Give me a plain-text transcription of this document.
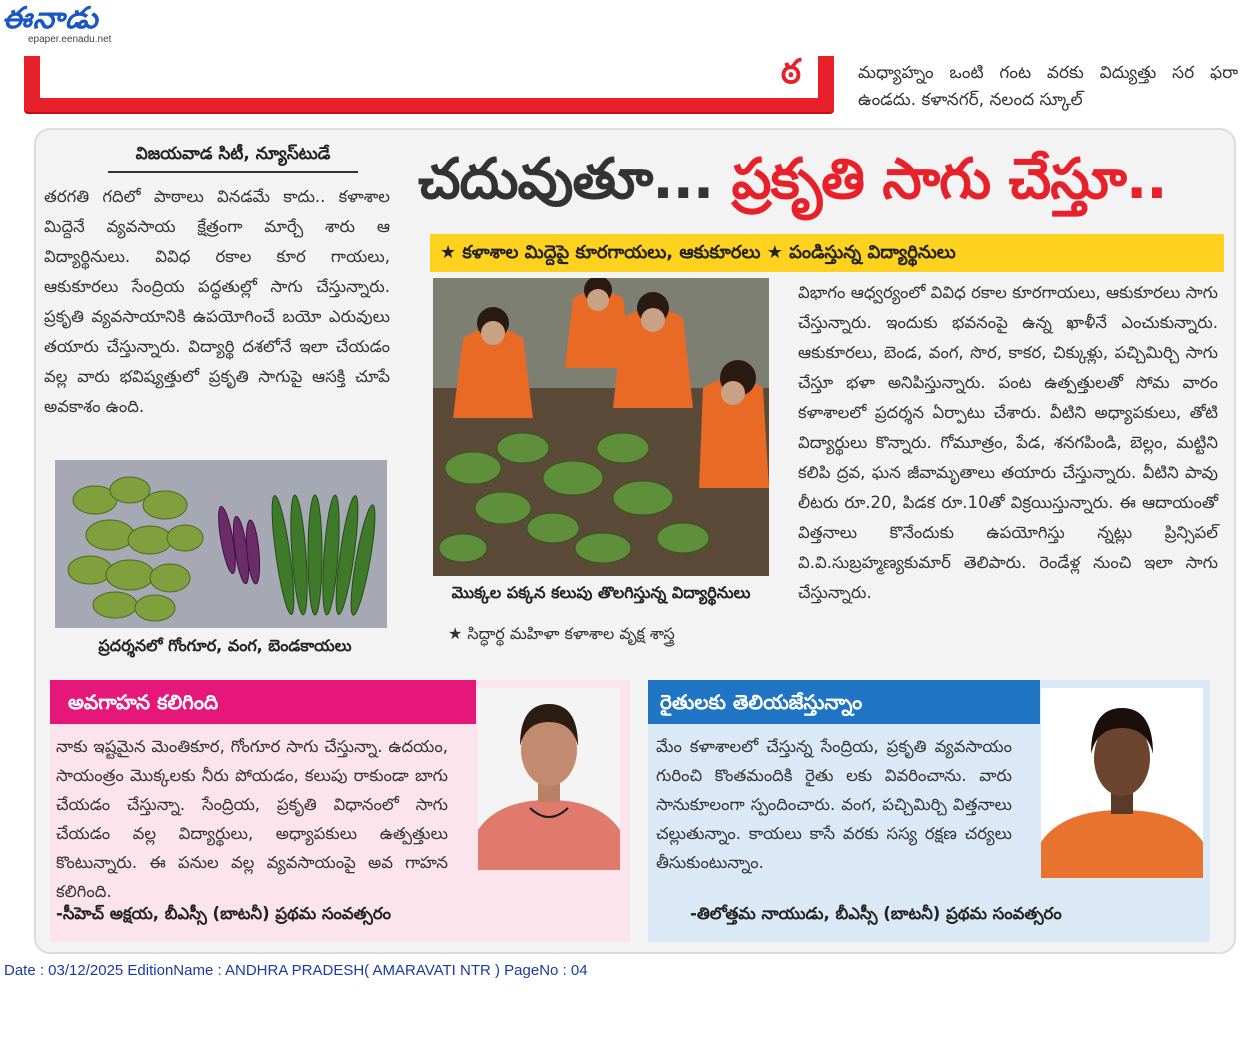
ఈనాడు
epaper.eenadu.net
ఠ	మధ్యాహ్నం ఒంటి గంట వరకు విద్యుత్తు సర ఫరా ఉండదు. కళానగర్, నలంద స్కూల్
విజయవాడ సిటీ, న్యూస్‌టుడే	చదువుతూ... ప్రకృతి సాగు చేస్తూ..
★ కళాశాల మిద్దెపై కూరగాయలు, ఆకుకూరలు ★ పండిస్తున్న విద్యార్థినులు
తరగతి గదిలో పాఠాలు వినడమే కాదు.. కళాశాల మిద్దెనే వ్యవసాయ క్షేత్రంగా మార్చే శారు ఆ విద్యార్థినులు. వివిధ రకాల కూర గాయలు, ఆకుకూరలు సేంద్రియ పద్ధతుల్లో సాగు చేస్తున్నారు. ప్రకృతి వ్యవసాయానికి ఉపయోగించే బయో ఎరువులు తయారు చేస్తున్నారు. విద్యార్థి దశలోనే ఇలా చేయడం వల్ల వారు భవిష్యత్తులో ప్రకృతి సాగుపై ఆసక్తి చూపే అవకాశం ఉంది.
ప్రదర్శనలో గోంగూర, వంగ, బెండకాయలు
మొక్కల పక్కన కలుపు తొలగిస్తున్న విద్యార్థినులు
★ సిద్ధార్థ మహిళా కళాశాల వృక్ష శాస్త్ర
విభాగం ఆధ్వర్యంలో వివిధ రకాల కూరగాయలు, ఆకుకూరలు సాగు చేస్తున్నారు. ఇందుకు భవనంపై ఉన్న ఖాళీనే ఎంచుకున్నారు. ఆకుకూరలు, బెండ, వంగ, సొర, కాకర, చిక్కుళ్లు, పచ్చిమిర్చి సాగు చేస్తూ భళా అనిపిస్తున్నారు. పంట ఉత్పత్తులతో సోమ వారం కళాశాలలో ప్రదర్శన ఏర్పాటు చేశారు. వీటిని అధ్యాపకులు, తోటి విద్యార్థులు కొన్నారు. గోమూత్రం, పేడ, శనగపిండి, బెల్లం, మట్టిని కలిపి ద్రవ, ఘన జీవామృతాలు తయారు చేస్తున్నారు. వీటిని పావు లీటరు రూ.20, పిడక రూ.10తో విక్రయిస్తున్నారు. ఈ ఆదాయంతో విత్తనాలు కొనేందుకు ఉపయోగిస్తు న్నట్లు ప్రిన్సిపల్ వి.వి.సుబ్రహ్మణ్యకుమార్ తెలిపారు. రెండేళ్ల నుంచి ఇలా సాగు చేస్తున్నారు.
అవగాహన కలిగింది
నాకు ఇష్టమైన మెంతికూర, గోంగూర సాగు చేస్తున్నా. ఉదయం, సాయంత్రం మొక్కలకు నీరు పోయడం, కలుపు రాకుండా బాగు చేయడం చేస్తున్నా. సేంద్రియ, ప్రకృతి విధానంలో సాగు చేయడం వల్ల విద్యార్థులు, అధ్యాపకులు ఉత్పత్తులు కొంటున్నారు. ఈ పనుల వల్ల వ్యవసాయంపై అవ గాహన కలిగింది.
-సీహెచ్ అక్షయ, బీఎస్సీ (బాటనీ) ప్రథమ సంవత్సరం
రైతులకు తెలియజేస్తున్నాం
మేం కళాశాలలో చేస్తున్న సేంద్రియ, ప్రకృతి వ్యవసాయం గురించి కొంతమందికి రైతు లకు వివరించాను. వారు సానుకూలంగా స్పందించారు. వంగ, పచ్చిమిర్చి విత్తనాలు చల్లుతున్నాం. కాయలు కాసే వరకు సస్య రక్షణ చర్యలు తీసుకుంటున్నాం.
-తిలోత్తమ నాయుడు, బీఎస్సీ (బాటనీ) ప్రథమ సంవత్సరం
Date : 03/12/2025 EditionName : ANDHRA PRADESH( AMARAVATI NTR ) PageNo : 04
